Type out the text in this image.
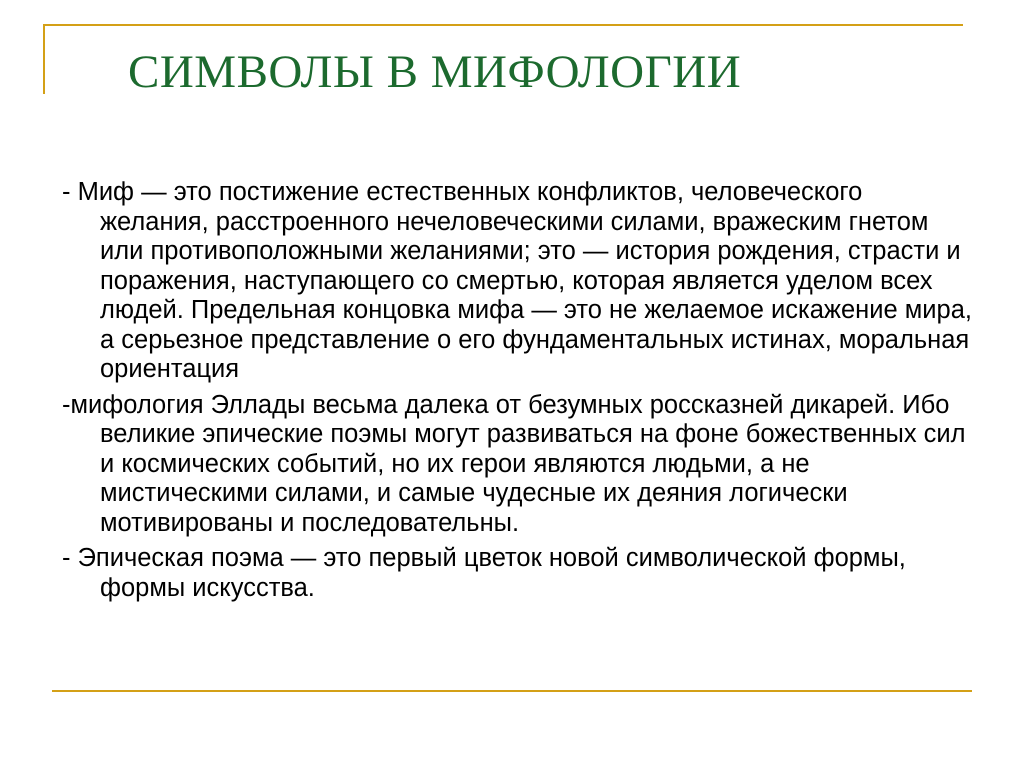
СИМВОЛЫ В МИФОЛОГИИ
- Миф — это постижение естественных конфликтов, человеческого желания, расстроенного нечеловеческими силами, вражеским гнетом или противоположными желаниями; это — история рождения, страсти и поражения, наступающего со смертью, которая является уделом всех людей. Предельная концовка мифа — это не желаемое искажение мира, а серьезное представление о его фундаментальных истинах, моральная ориентация
-мифология Эллады весьма далека от безумных россказней дикарей. Ибо великие эпические поэмы могут развиваться на фоне божественных сил и космических событий, но их герои являются людьми, а не мистическими силами, и самые чудесные их деяния логически мотивированы и последовательны.
- Эпическая поэма — это первый цветок новой символической формы, формы искусства.
